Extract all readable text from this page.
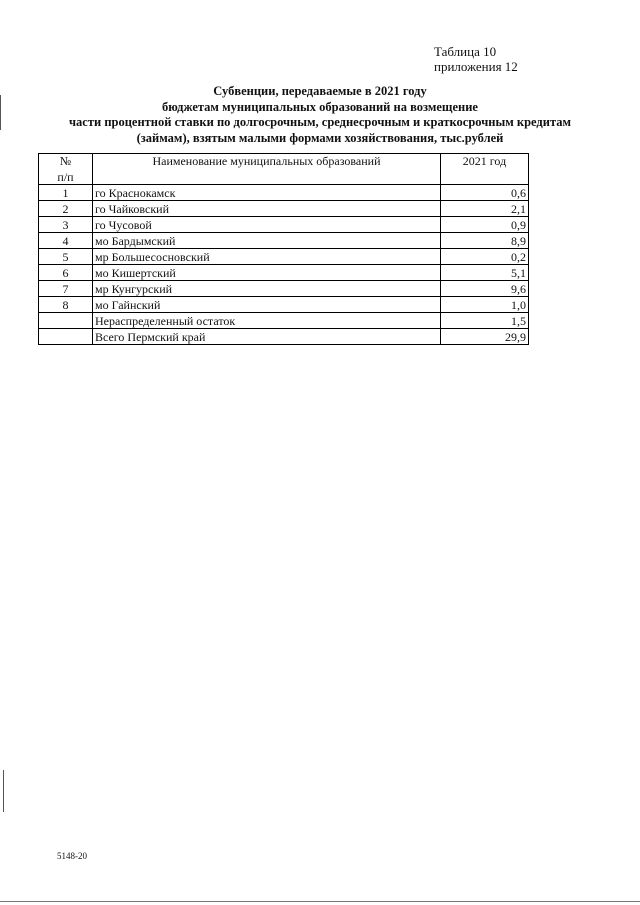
Таблица 10
приложения 12
Субвенции, передаваемые в 2021 году
бюджетам муниципальных образований на возмещение
части процентной ставки по долгосрочным, среднесрочным и краткосрочным кредитам
(займам), взятым малыми формами хозяйствования, тыс.рублей
№
п/п	Наименование муниципальных образований	2021 год
1	го Краснокамск	0,6
2	го Чайковский	2,1
3	го Чусовой	0,9
4	мо Бардымский	8,9
5	мр Большесосновский	0,2
6	мо Кишертский	5,1
7	мр Кунгурский	9,6
8	мо Гайнский	1,0
	Нераспределенный остаток	1,5
	Всего Пермский край	29,9
5148-20
